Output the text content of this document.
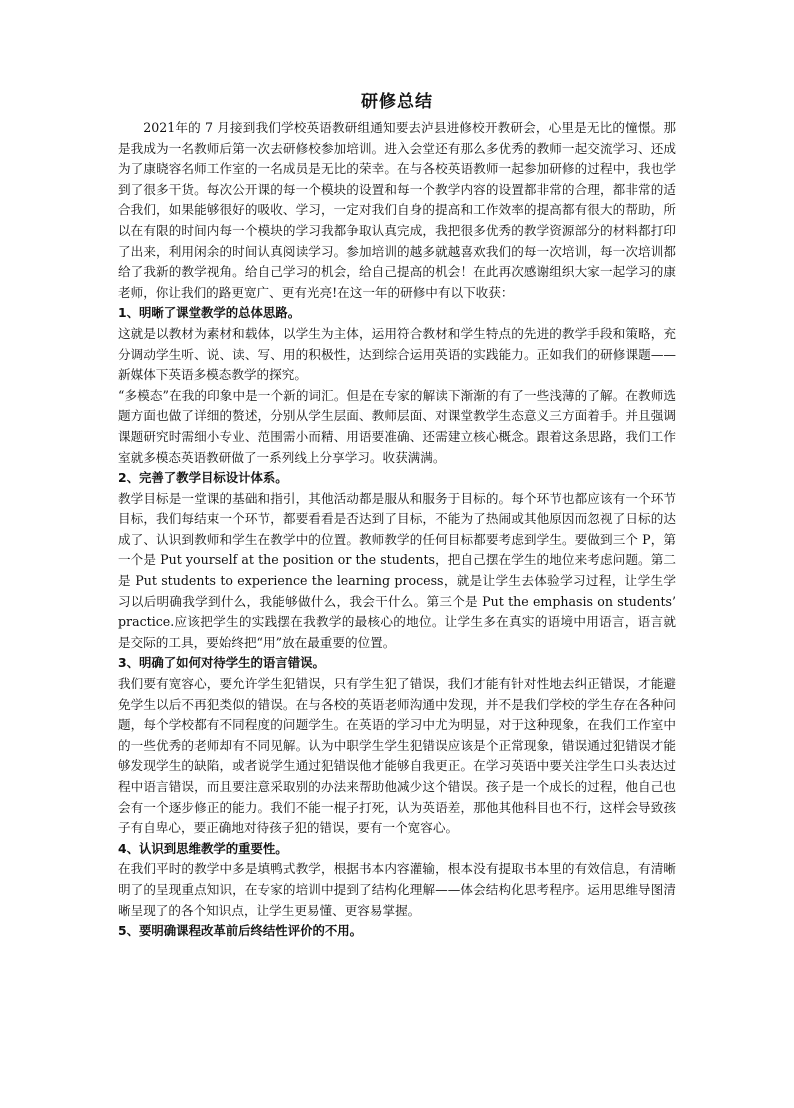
研修总结

2021年的 7 月接到我们学校英语教研组通知要去泸县进修校开教研会，心里是无比的憧憬。那是我成为一名教师后第一次去研修校参加培训。进入会堂还有那么多优秀的教师一起交流学习、还成为了康晓容名师工作室的一名成员是无比的荣幸。在与各校英语教师一起参加研修的过程中，我也学到了很多干货。每次公开课的每一个模块的设置和每一个教学内容的设置都非常的合理，都非常的适合我们，如果能够很好的吸收、学习，一定对我们自身的提高和工作效率的提高都有很大的帮助，所以在有限的时间内每一个模块的学习我都争取认真完成，我把很多优秀的教学资源部分的材料都打印了出来，利用闲余的时间认真阅读学习。参加培训的越多就越喜欢我们的每一次培训，每一次培训都给了我新的教学视角。给自己学习的机会，给自己提高的机会！在此再次感谢组织大家一起学习的康老师，你让我们的路更宽广、更有光亮!在这一年的研修中有以下收获：

1、明晰了课堂教学的总体思路。

这就是以教材为素材和载体，以学生为主体，运用符合教材和学生特点的先进的教学手段和策略，充分调动学生听、说、读、写、用的积极性，达到综合运用英语的实践能力。正如我们的研修课题——新媒体下英语多模态教学的探究。

“多模态”在我的印象中是一个新的词汇。但是在专家的解读下渐渐的有了一些浅薄的了解。在教师选题方面也做了详细的赘述，分别从学生层面、教师层面、对课堂教学生态意义三方面着手。并且强调课题研究时需细小专业、范围需小而精、用语要准确、还需建立核心概念。跟着这条思路，我们工作室就多模态英语教研做了一系列线上分享学习。收获满满。

2、完善了教学目标设计体系。

教学目标是一堂课的基础和指引，其他活动都是服从和服务于目标的。每个环节也都应该有一个环节目标，我们每结束一个环节，都要看看是否达到了目标，不能为了热闹或其他原因而忽视了日标的达成了、认识到教师和学生在教学中的位置。教师教学的任何目标都要考虑到学生。要做到三个 P，第一个是 Put yourself at the position or the students，把自己摆在学生的地位来考虑问题。第二是 Put students to experience the learning process，就是让学生去体验学习过程，让学生学习以后明确我学到什么，我能够做什么，我会干什么。第三个是 Put the emphasis on students’ practice.应该把学生的实践摆在我教学的最核心的地位。让学生多在真实的语境中用语言，语言就是交际的工具，要始终把“用”放在最重要的位置。

3、明确了如何对待学生的语言错误。

我们要有宽容心，要允许学生犯错误，只有学生犯了错误，我们才能有针对性地去纠正错误，才能避免学生以后不再犯类似的错误。在与各校的英语老师沟通中发现，并不是我们学校的学生存在各种问题，每个学校都有不同程度的问题学生。在英语的学习中尤为明显，对于这种现象，在我们工作室中的一些优秀的老师却有不同见解。认为中职学生学生犯错误应该是个正常现象，错误通过犯错误才能够发现学生的缺陷，或者说学生通过犯错误他才能够自我更正。在学习英语中要关注学生口头表达过程中语言错误，而且要注意采取别的办法来帮助他减少这个错误。孩子是一个成长的过程，他自己也会有一个逐步修正的能力。我们不能一棍子打死，认为英语差，那他其他科目也不行，这样会导致孩子有自卑心，要正确地对待孩子犯的错误，要有一个宽容心。

4、认识到思维教学的重要性。

在我们平时的教学中多是填鸭式教学，根据书本内容灌输，根本没有提取书本里的有效信息，有清晰明了的呈现重点知识，在专家的培训中提到了结构化理解——体会结构化思考程序。运用思维导图清晰呈现了的各个知识点，让学生更易懂、更容易掌握。

5、要明确课程改革前后终结性评价的不用。
